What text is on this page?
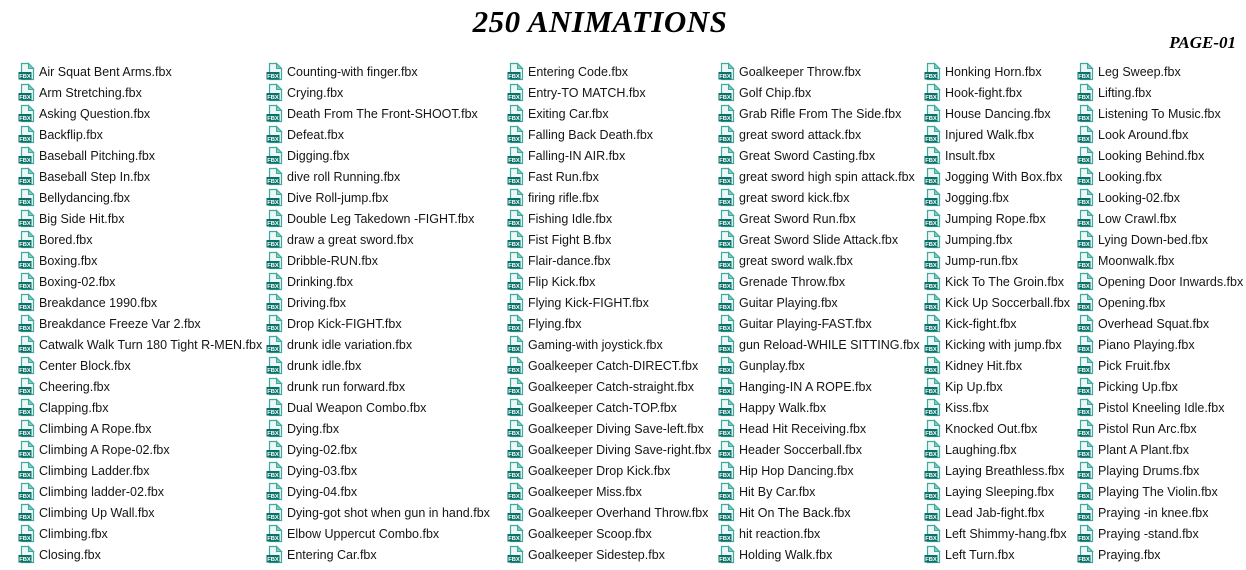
250 ANIMATIONS
PAGE-01
FBX Air Squat Bent Arms.fbx
FBX Arm Stretching.fbx
FBX Asking Question.fbx
FBX Backflip.fbx
FBX Baseball Pitching.fbx
FBX Baseball Step In.fbx
FBX Bellydancing.fbx
FBX Big Side Hit.fbx
FBX Bored.fbx
FBX Boxing.fbx
FBX Boxing-02.fbx
FBX Breakdance 1990.fbx
FBX Breakdance Freeze Var 2.fbx
FBX Catwalk Walk Turn 180 Tight R-MEN.fbx
FBX Center Block.fbx
FBX Cheering.fbx
FBX Clapping.fbx
FBX Climbing A Rope.fbx
FBX Climbing A Rope-02.fbx
FBX Climbing Ladder.fbx
FBX Climbing ladder-02.fbx
FBX Climbing Up Wall.fbx
FBX Climbing.fbx
FBX Closing.fbx
FBX Counting-with finger.fbx
FBX Crying.fbx
FBX Death From The Front-SHOOT.fbx
FBX Defeat.fbx
FBX Digging.fbx
FBX dive roll Running.fbx
FBX Dive Roll-jump.fbx
FBX Double Leg Takedown -FIGHT.fbx
FBX draw a great sword.fbx
FBX Dribble-RUN.fbx
FBX Drinking.fbx
FBX Driving.fbx
FBX Drop Kick-FIGHT.fbx
FBX drunk idle variation.fbx
FBX drunk idle.fbx
FBX drunk run forward.fbx
FBX Dual Weapon Combo.fbx
FBX Dying.fbx
FBX Dying-02.fbx
FBX Dying-03.fbx
FBX Dying-04.fbx
FBX Dying-got shot when gun in hand.fbx
FBX Elbow Uppercut Combo.fbx
FBX Entering Car.fbx
FBX Entering Code.fbx
FBX Entry-TO MATCH.fbx
FBX Exiting Car.fbx
FBX Falling Back Death.fbx
FBX Falling-IN AIR.fbx
FBX Fast Run.fbx
FBX firing rifle.fbx
FBX Fishing Idle.fbx
FBX Fist Fight B.fbx
FBX Flair-dance.fbx
FBX Flip Kick.fbx
FBX Flying Kick-FIGHT.fbx
FBX Flying.fbx
FBX Gaming-with joystick.fbx
FBX Goalkeeper Catch-DIRECT.fbx
FBX Goalkeeper Catch-straight.fbx
FBX Goalkeeper Catch-TOP.fbx
FBX Goalkeeper Diving Save-left.fbx
FBX Goalkeeper Diving Save-right.fbx
FBX Goalkeeper Drop Kick.fbx
FBX Goalkeeper Miss.fbx
FBX Goalkeeper Overhand Throw.fbx
FBX Goalkeeper Scoop.fbx
FBX Goalkeeper Sidestep.fbx
FBX Goalkeeper Throw.fbx
FBX Golf Chip.fbx
FBX Grab Rifle From The Side.fbx
FBX great sword attack.fbx
FBX Great Sword Casting.fbx
FBX great sword high spin attack.fbx
FBX great sword kick.fbx
FBX Great Sword Run.fbx
FBX Great Sword Slide Attack.fbx
FBX great sword walk.fbx
FBX Grenade Throw.fbx
FBX Guitar Playing.fbx
FBX Guitar Playing-FAST.fbx
FBX gun Reload-WHILE SITTING.fbx
FBX Gunplay.fbx
FBX Hanging-IN A ROPE.fbx
FBX Happy Walk.fbx
FBX Head Hit Receiving.fbx
FBX Header Soccerball.fbx
FBX Hip Hop Dancing.fbx
FBX Hit By Car.fbx
FBX Hit On The Back.fbx
FBX hit reaction.fbx
FBX Holding Walk.fbx
FBX Honking Horn.fbx
FBX Hook-fight.fbx
FBX House Dancing.fbx
FBX Injured Walk.fbx
FBX Insult.fbx
FBX Jogging With Box.fbx
FBX Jogging.fbx
FBX Jumping Rope.fbx
FBX Jumping.fbx
FBX Jump-run.fbx
FBX Kick To The Groin.fbx
FBX Kick Up Soccerball.fbx
FBX Kick-fight.fbx
FBX Kicking with jump.fbx
FBX Kidney Hit.fbx
FBX Kip Up.fbx
FBX Kiss.fbx
FBX Knocked Out.fbx
FBX Laughing.fbx
FBX Laying Breathless.fbx
FBX Laying Sleeping.fbx
FBX Lead Jab-fight.fbx
FBX Left Shimmy-hang.fbx
FBX Left Turn.fbx
FBX Leg Sweep.fbx
FBX Lifting.fbx
FBX Listening To Music.fbx
FBX Look Around.fbx
FBX Looking Behind.fbx
FBX Looking.fbx
FBX Looking-02.fbx
FBX Low Crawl.fbx
FBX Lying Down-bed.fbx
FBX Moonwalk.fbx
FBX Opening Door Inwards.fbx
FBX Opening.fbx
FBX Overhead Squat.fbx
FBX Piano Playing.fbx
FBX Pick Fruit.fbx
FBX Picking Up.fbx
FBX Pistol Kneeling Idle.fbx
FBX Pistol Run Arc.fbx
FBX Plant A Plant.fbx
FBX Playing Drums.fbx
FBX Playing The Violin.fbx
FBX Praying -in knee.fbx
FBX Praying -stand.fbx
FBX Praying.fbx
